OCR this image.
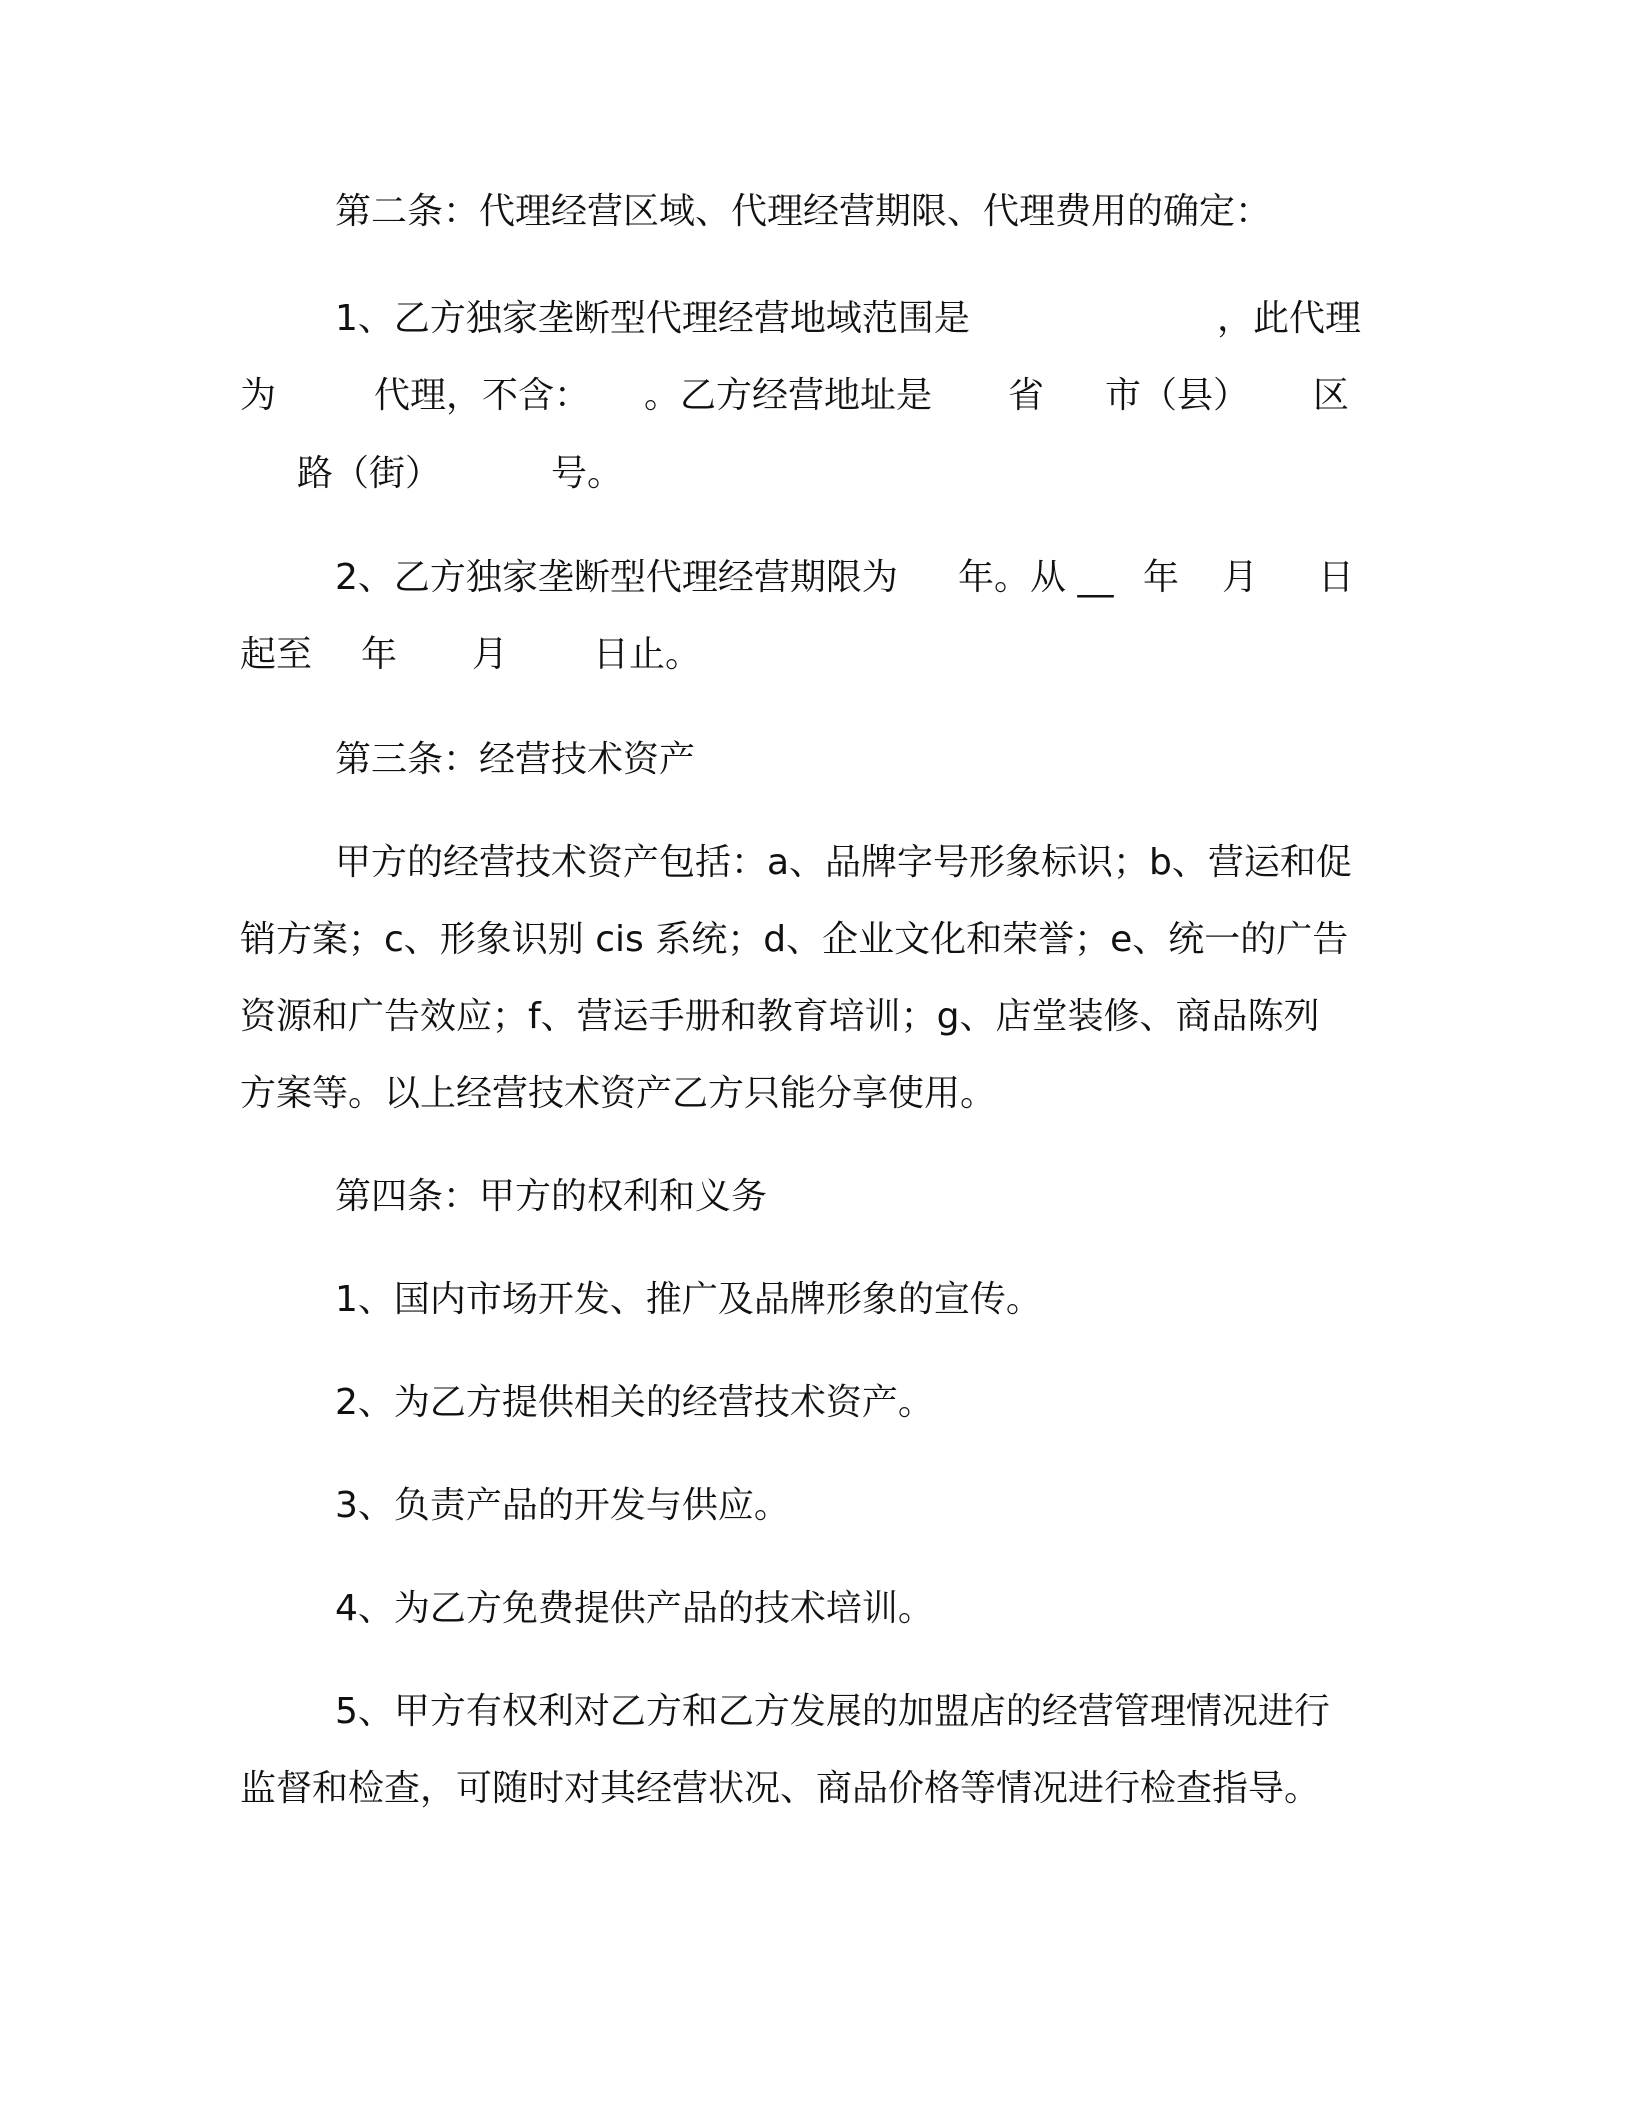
第二条：代理经营区域、代理经营期限、代理费用的确定：

1、乙方独家垄断型代理经营地域范围是	，此代理

为	代理，不含： 。乙方经营地址是 省 市（县） 区

路（街）	号。

2、乙方独家垄断型代理经营期限为 年。从 __ 年 月 日

起至 年 月 日止。

第三条：经营技术资产

甲方的经营技术资产包括：a、品牌字号形象标识；b、营运和促

销方案；c、形象识别 cis 系统；d、企业文化和荣誉；e、统一的广告

资源和广告效应；f、营运手册和教育培训；g、店堂装修、商品陈列

方案等。以上经营技术资产乙方只能分享使用。

第四条：甲方的权利和义务

1、国内市场开发、推广及品牌形象的宣传。

2、为乙方提供相关的经营技术资产。

3、负责产品的开发与供应。

4、为乙方免费提供产品的技术培训。

5、甲方有权利对乙方和乙方发展的加盟店的经营管理情况进行

监督和检查，可随时对其经营状况、商品价格等情况进行检查指导。
